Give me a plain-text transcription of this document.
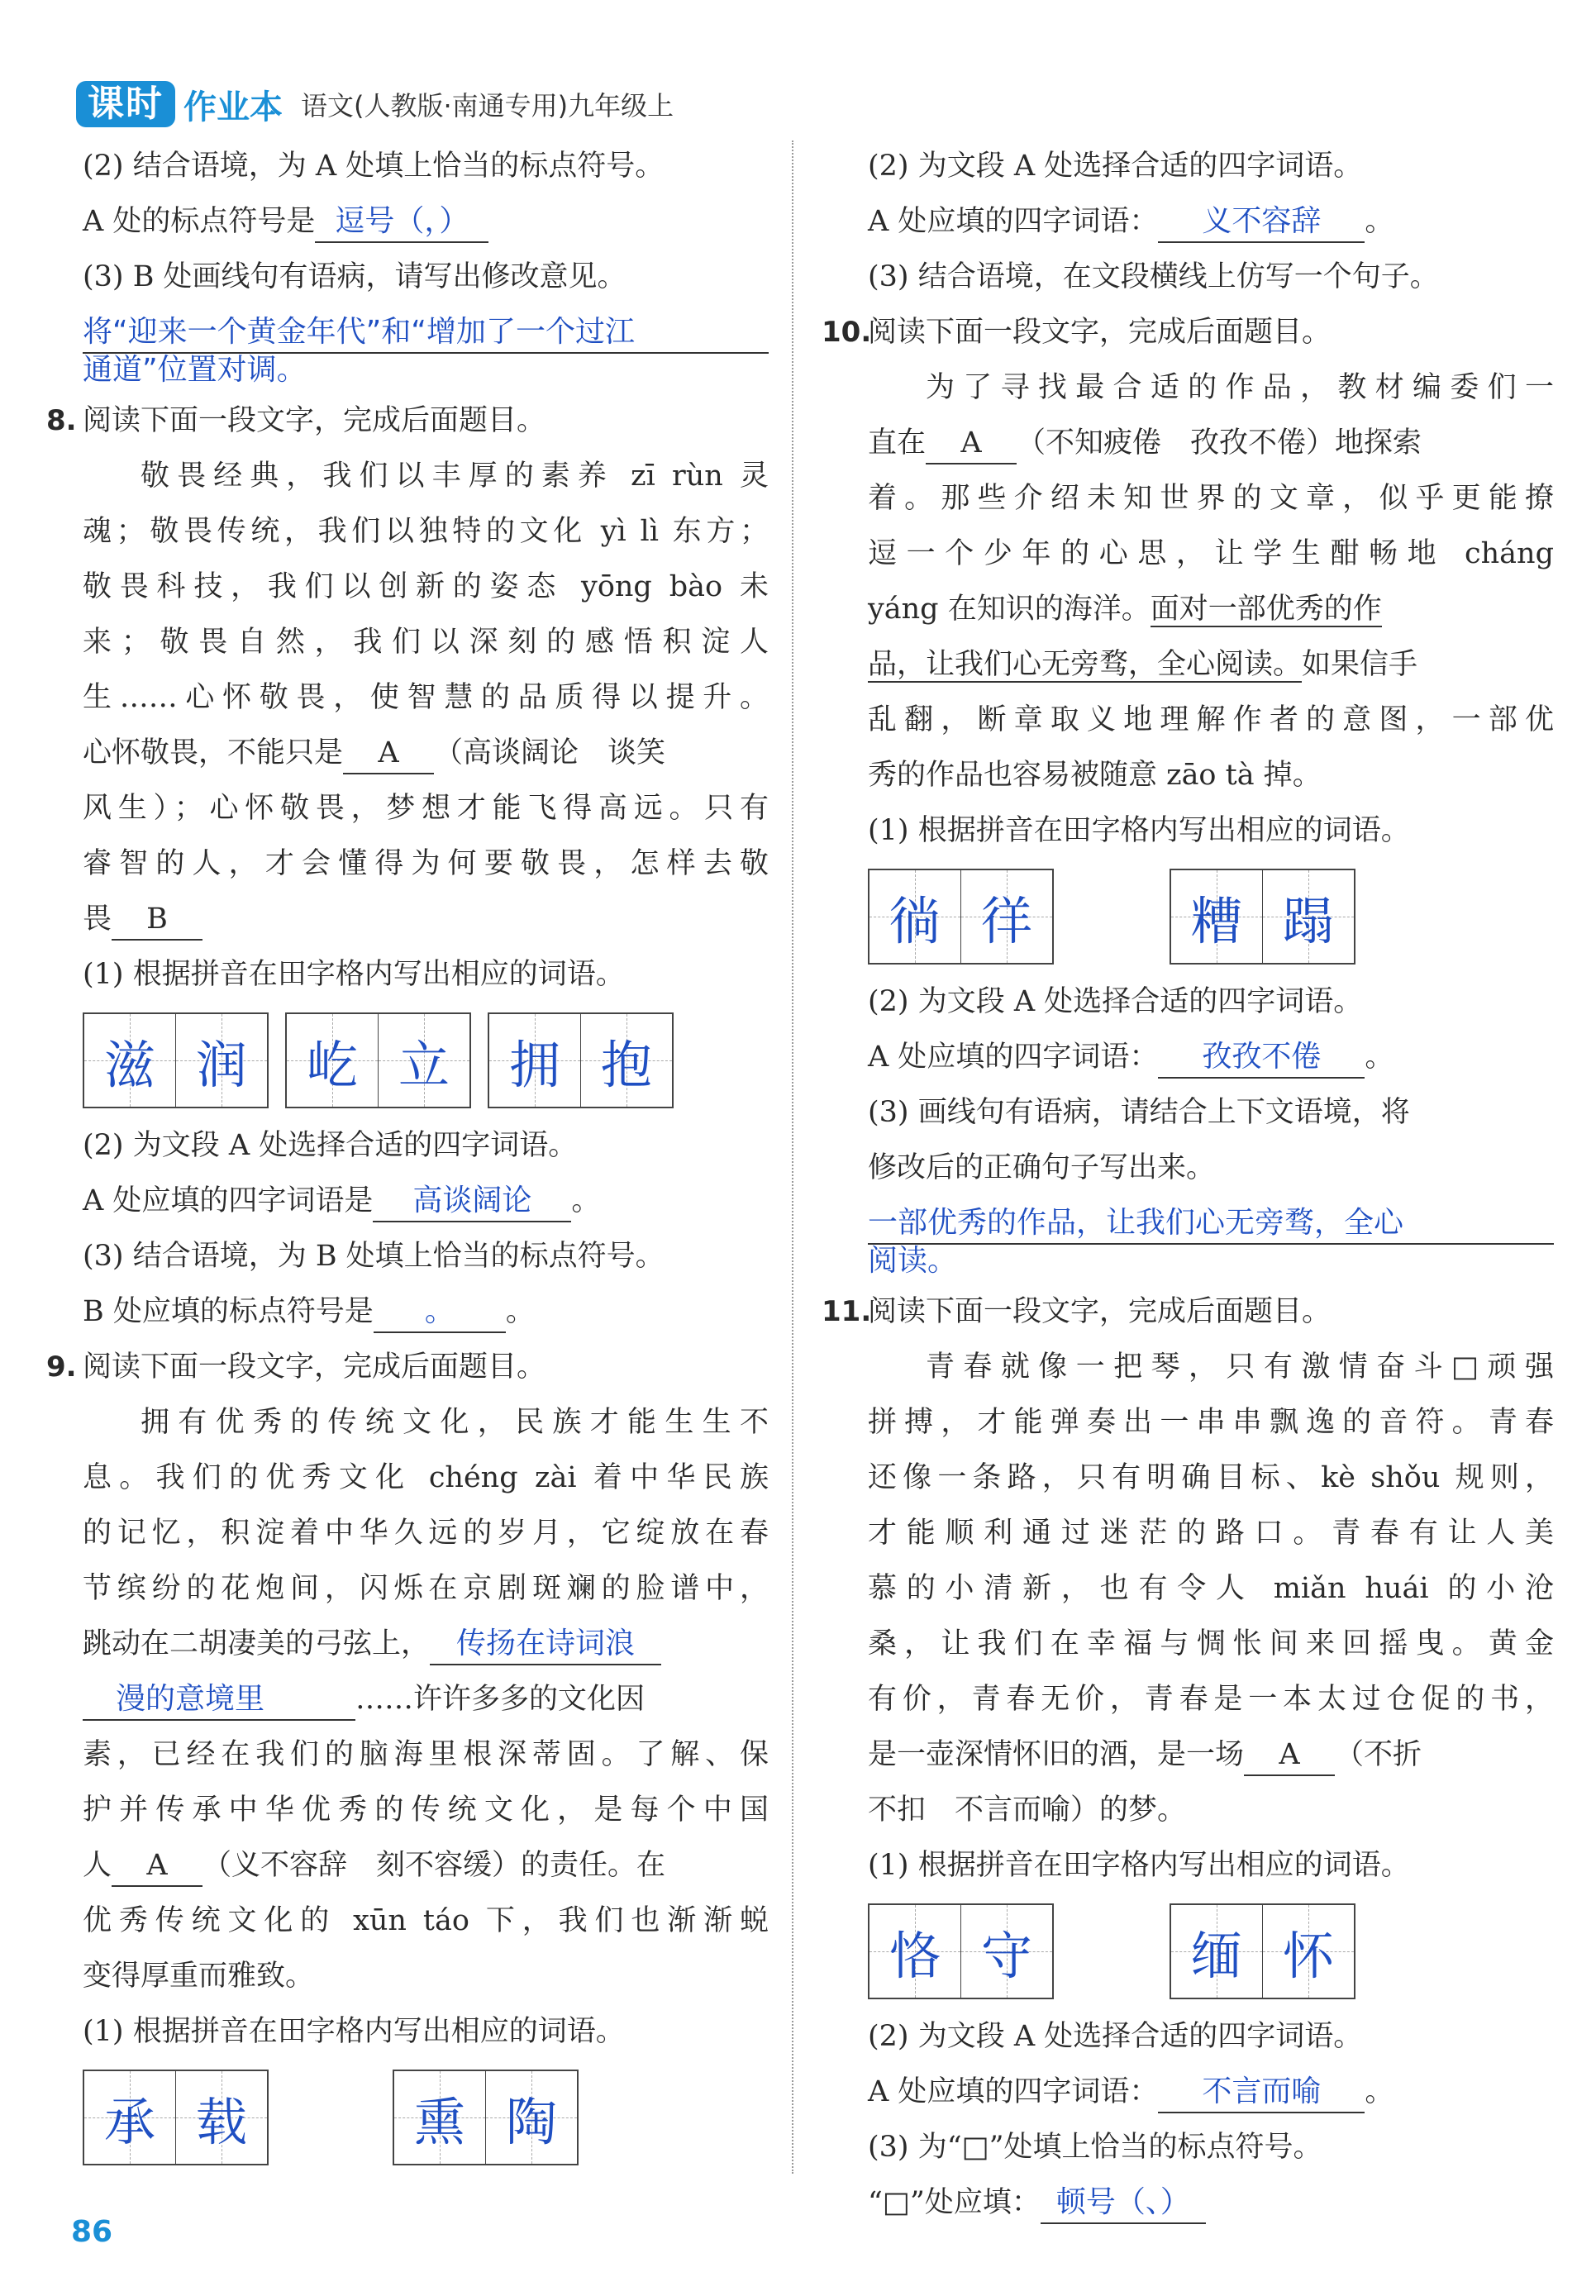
课时 作业本 语文(人教版·南通专用)九年级上
(2) 结合语境，为 A 处填上恰当的标点符号。
A 处的标点符号是 逗号（，）
(3) B 处画线句有语病，请写出修改意见。
将“迎来一个黄金年代”和“增加了一个过江
通道”位置对调。
8. 阅读下面一段文字，完成后面题目。
敬畏经典，我们以丰厚的素养 zī rùn 灵
魂；敬畏传统，我们以独特的文化 yì lì 东方；
敬畏科技，我们以创新的姿态 yōng bào 未
来；敬畏自然，我们以深刻的感悟积淀人
生……心怀敬畏，使智慧的品质得以提升。
心怀敬畏，不能只是 A （高谈阔论　谈笑
风生）；心怀敬畏，梦想才能飞得高远。只有
睿智的人，才会懂得为何要敬畏，怎样去敬
畏 B
(1) 根据拼音在田字格内写出相应的词语。
滋 润 屹 立 拥 抱
(2) 为文段 A 处选择合适的四字词语。
A 处应填的四字词语是 高谈阔论 。
(3) 结合语境，为 B 处填上恰当的标点符号。
B 处应填的标点符号是 。 。
9. 阅读下面一段文字，完成后面题目。
拥有优秀的传统文化，民族才能生生不
息。我们的优秀文化 chéng zài 着中华民族
的记忆，积淀着中华久远的岁月，它绽放在春
节缤纷的花炮间，闪烁在京剧斑斓的脸谱中，
跳动在二胡凄美的弓弦上， 传扬在诗词浪
漫的意境里	……许许多多的文化因
素，已经在我们的脑海里根深蒂固。了解、保
护并传承中华优秀的传统文化，是每个中国
人 A （义不容辞　刻不容缓）的责任。在
优秀传统文化的 xūn táo 下，我们也渐渐蜕
变得厚重而雅致。
(1) 根据拼音在田字格内写出相应的词语。
承 载	熏 陶
(2) 为文段 A 处选择合适的四字词语。
A 处应填的四字词语： 义不容辞 。
(3) 结合语境，在文段横线上仿写一个句子。
10.
阅读下面一段文字，完成后面题目。
为了寻找最合适的作品，教材编委们一
直在 A （不知疲倦　孜孜不倦）地探索
着。那些介绍未知世界的文章，似乎更能撩
逗一个少年的心思，让学生酣畅地 cháng
yáng 在知识的海洋。面对一部优秀的作
品，让我们心无旁骛，全心阅读。如果信手
乱翻，断章取义地理解作者的意图，一部优
秀的作品也容易被随意 zāo tà 掉。
(1) 根据拼音在田字格内写出相应的词语。
徜 徉	糟 蹋
(2) 为文段 A 处选择合适的四字词语。
A 处应填的四字词语： 孜孜不倦 。
(3) 画线句有语病，请结合上下文语境，将
修改后的正确句子写出来。
一部优秀的作品，让我们心无旁骛，全心
阅读。
11.
阅读下面一段文字，完成后面题目。
青春就像一把琴，只有激情奋斗□顽强
拼搏，才能弹奏出一串串飘逸的音符。青春
还像一条路，只有明确目标、kè shǒu 规则，
才能顺利通过迷茫的路口。青春有让人美
慕的小清新，也有令人 miǎn huái 的小沧
桑，让我们在幸福与惆怅间来回摇曳。黄金
有价，青春无价，青春是一本太过仓促的书，
是一壶深情怀旧的酒，是一场 A （不折
不扣　不言而喻）的梦。
(1) 根据拼音在田字格内写出相应的词语。
恪 守	缅 怀
(2) 为文段 A 处选择合适的四字词语。
A 处应填的四字词语： 不言而喻 。
(3) 为“□”处填上恰当的标点符号。
“□”处应填： 顿号（、）
86
